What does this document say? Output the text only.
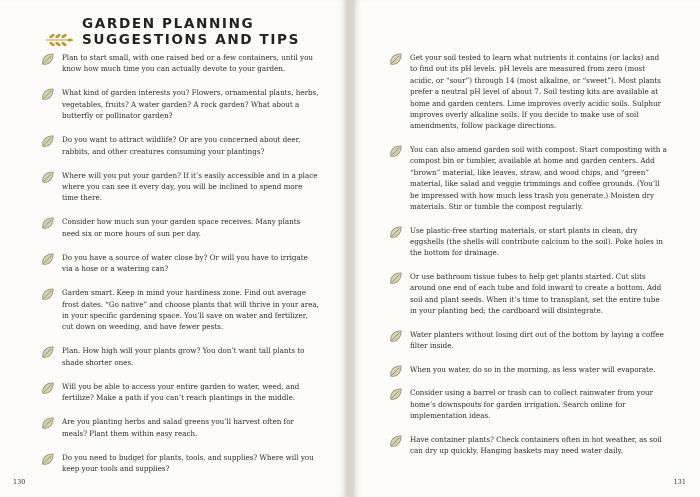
GARDEN PLANNING
SUGGESTIONS AND TIPS
Plan to start small, with one raised bed or a few containers, until you know how much time you can actually devote to your garden.
What kind of garden interests you? Flowers, ornamental plants, herbs, vegetables, fruits? A water garden? A rock garden? What about a butterfly or pollinator garden?
Do you want to attract wildlife? Or are you concerned about deer, rabbits, and other creatures consuming your plantings?
Where will you put your garden? If it’s easily accessible and in a place where you can see it every day, you will be inclined to spend more time there.
Consider how much sun your garden space receives. Many plants need six or more hours of sun per day.
Do you have a source of water close by? Or will you have to irrigate via a hose or a watering can?
Garden smart. Keep in mind your hardiness zone. Find out average frost dates. “Go native” and choose plants that will thrive in your area, in your specific gardening space. You’ll save on water and fertilizer, cut down on weeding, and have fewer pests.
Plan. How high will your plants grow? You don’t want tall plants to shade shorter ones.
Will you be able to access your entire garden to water, weed, and fertilize? Make a path if you can’t reach plantings in the middle.
Are you planting herbs and salad greens you’ll harvest often for meals? Plant them within easy reach.
Do you need to budget for plants, tools, and supplies? Where will you keep your tools and supplies?
130
Get your soil tested to learn what nutrients it contains (or lacks) and to find out its pH levels. pH levels are measured from zero (most acidic, or “sour”) through 14 (most alkaline, or “sweet”). Most plants prefer a neutral pH level of about 7. Soil testing kits are available at home and garden centers. Lime improves overly acidic soils. Sulphur improves overly alkaline soils. If you decide to make use of soil amendments, follow package directions.
You can also amend garden soil with compost. Start composting with a compost bin or tumbler, available at home and garden centers. Add “brown” material, like leaves, straw, and wood chips, and “green” material, like salad and veggie trimmings and coffee grounds. (You’ll be impressed with how much less trash you generate.) Moisten dry materials. Stir or tumble the compost regularly.
Use plastic-free starting materials, or start plants in clean, dry eggshells (the shells will contribute calcium to the soil). Poke holes in the bottom for drainage.
Or use bathroom tissue tubes to help get plants started. Cut slits around one end of each tube and fold inward to create a bottom. Add soil and plant seeds. When it’s time to transplant, set the entire tube in your planting bed; the cardboard will disintegrate.
Water planters without losing dirt out of the bottom by laying a coffee filter inside.
When you water, do so in the morning, as less water will evaporate.
Consider using a barrel or trash can to collect rainwater from your home’s downspouts for garden irrigation. Search online for implementation ideas.
Have container plants? Check containers often in hot weather, as soil can dry up quickly. Hanging baskets may need water daily.
131
